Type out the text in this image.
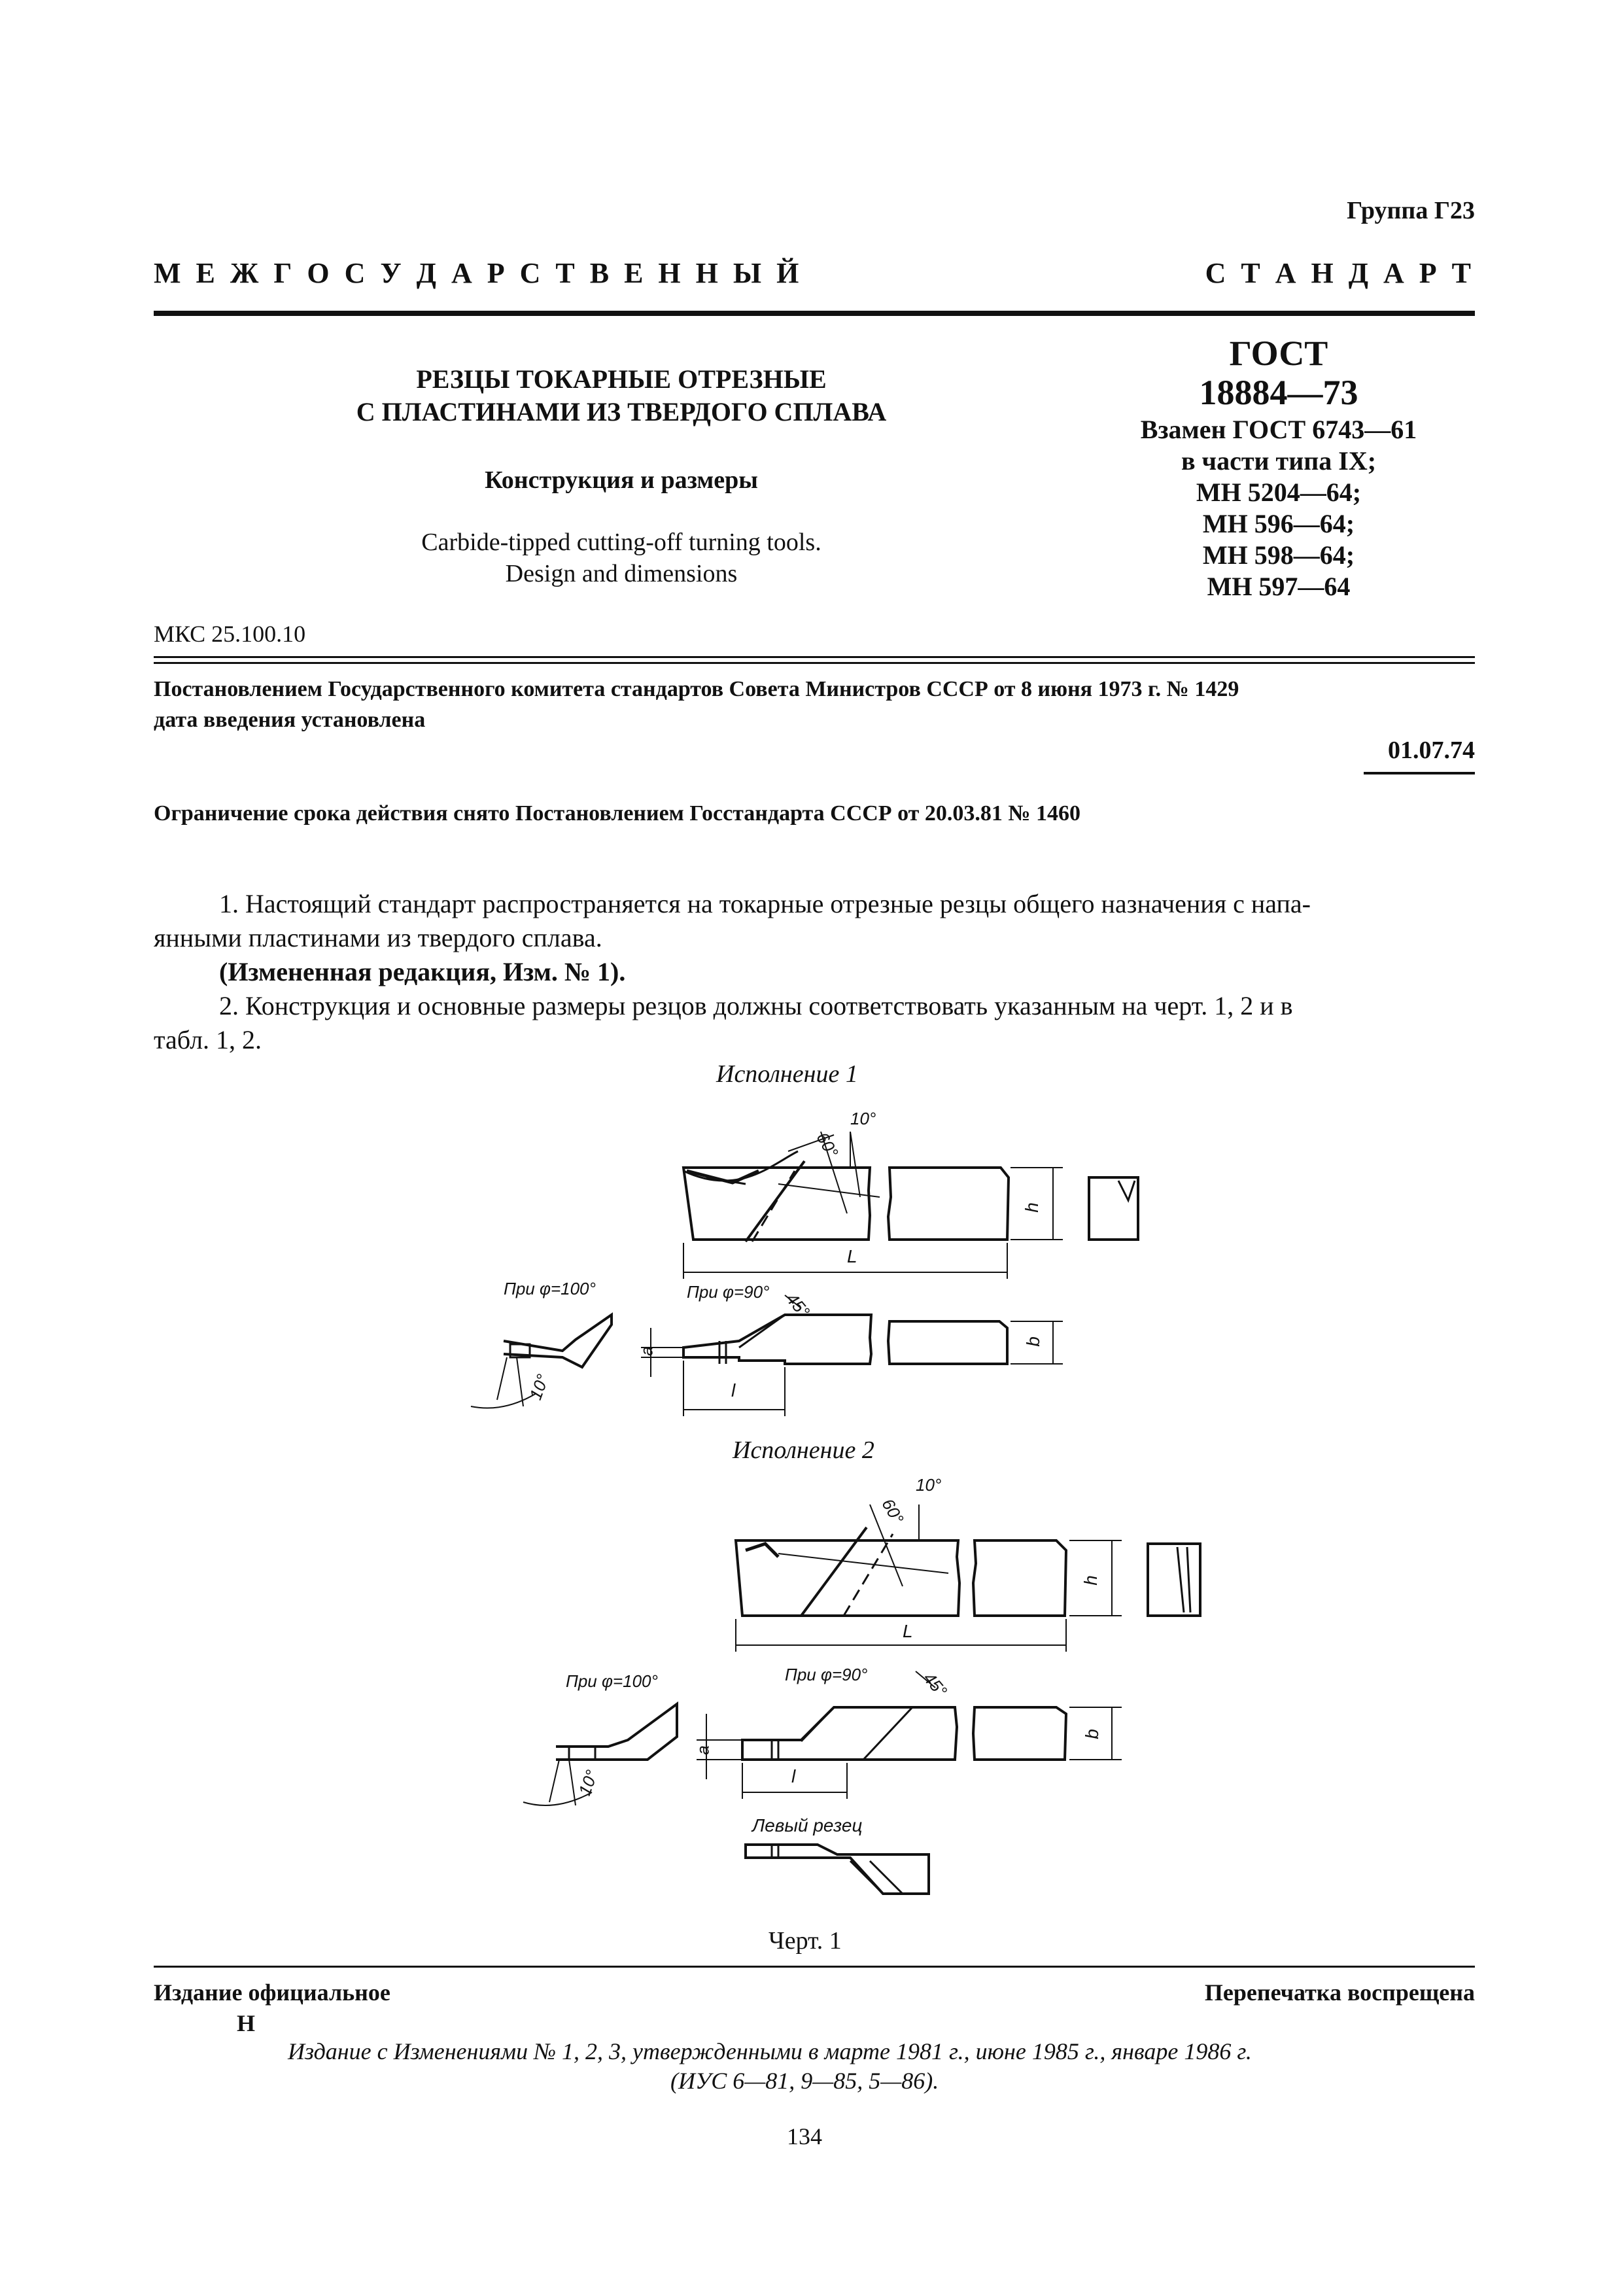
Группа Г23
М Е Ж Г О С У Д А Р С Т В Е Н Н Ы Й	С Т А Н Д А Р Т
РЕЗЦЫ ТОКАРНЫЕ ОТРЕЗНЫЕ
С ПЛАСТИНАМИ ИЗ ТВЕРДОГО СПЛАВА
Конструкция и размеры
Carbide-tipped cutting-off turning tools.
Design and dimensions
МКС 25.100.10
ГОСТ
18884—73
Взамен ГОСТ 6743—61
в части типа IX;
МН 5204—64;
МН 596—64;
МН 598—64;
МН 597—64
Постановлением Государственного комитета стандартов Совета Министров СССР от 8 июня 1973 г. № 1429
дата введения установлена
01.07.74
Ограничение срока действия снято Постановлением Госстандарта СССР от 20.03.81 № 1460
1. Настоящий стандарт распространяется на токарные отрезные резцы общего назначения с напа-
янными пластинами из твердого сплава.
(Измененная редакция, Изм. № 1).
2. Конструкция и основные размеры резцов должны соответствовать указанным на черт. 1, 2 и в
табл. 1, 2.
Исполнение 1
10°
60°
L
h
При φ=100°	При φ=90° 45°
10°
a
l
b
Исполнение 2
10°
60°
L
h
При φ=100°	При φ=90°	45°
10°
a
l
b
Левый резец
Черт. 1
Издание официальное	Перепечатка воспрещена
Н
Издание с Изменениями № 1, 2, 3, утвержденными в марте 1981 г., июне 1985 г., январе 1986 г.
(ИУС 6—81, 9—85, 5—86).
134
